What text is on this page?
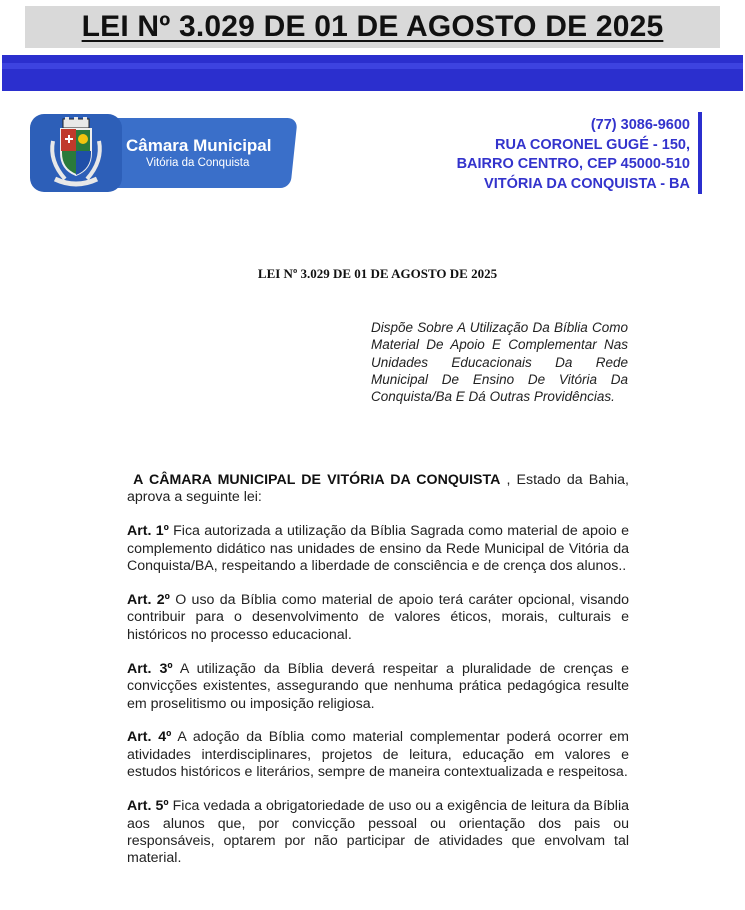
LEI Nº 3.029 DE 01 DE AGOSTO DE 2025
Câmara Municipal
Vitória da Conquista
(77) 3086-9600
RUA CORONEL GUGÉ - 150,
BAIRRO CENTRO, CEP 45000-510
VITÓRIA DA CONQUISTA - BA
LEI Nº 3.029 DE 01 DE AGOSTO DE 2025
Dispõe Sobre A Utilização Da Bíblia Como Material De Apoio E Complementar Nas Unidades Educacionais Da Rede Municipal De Ensino De Vitória Da Conquista/Ba E Dá Outras Providências.

A CÂMARA MUNICIPAL DE VITÓRIA DA CONQUISTA , Estado da Bahia, aprova a seguinte lei:

Art. 1º Fica autorizada a utilização da Bíblia Sagrada como material de apoio e complemento didático nas unidades de ensino da Rede Municipal de Vitória da Conquista/BA, respeitando a liberdade de consciência e de crença dos alunos..

Art. 2º O uso da Bíblia como material de apoio terá caráter opcional, visando contribuir para o desenvolvimento de valores éticos, morais, culturais e históricos no processo educacional.

Art. 3º A utilização da Bíblia deverá respeitar a pluralidade de crenças e convicções existentes, assegurando que nenhuma prática pedagógica resulte em proselitismo ou imposição religiosa.

Art. 4º A adoção da Bíblia como material complementar poderá ocorrer em atividades interdisciplinares, projetos de leitura, educação em valores e estudos históricos e literários, sempre de maneira contextualizada e respeitosa.

Art. 5º Fica vedada a obrigatoriedade de uso ou a exigência de leitura da Bíblia aos alunos que, por convicção pessoal ou orientação dos pais ou responsáveis, optarem por não participar de atividades que envolvam tal material.
